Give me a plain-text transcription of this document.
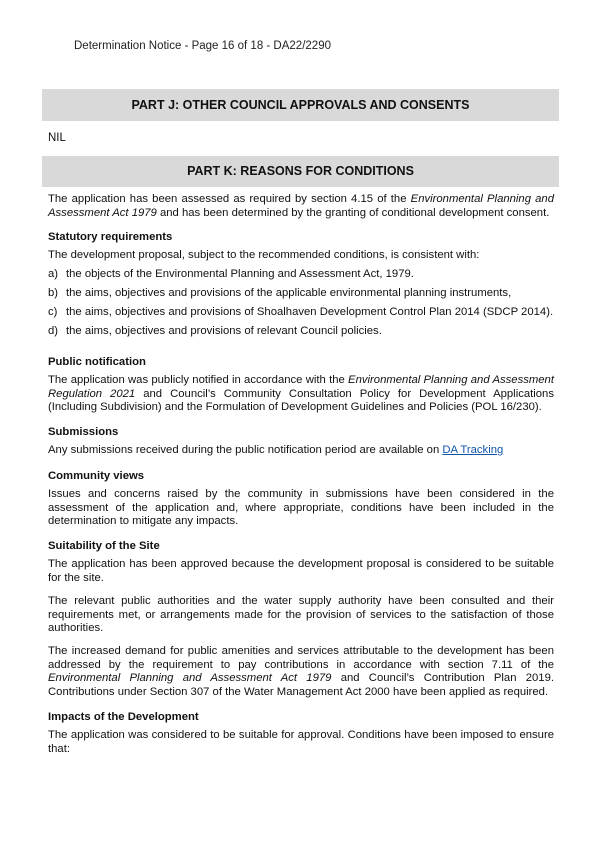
Determination Notice - Page 16 of 18 - DA22/2290
PART J: OTHER COUNCIL APPROVALS AND CONSENTS
NIL
PART K: REASONS FOR CONDITIONS
The application has been assessed as required by section 4.15 of the Environmental Planning and Assessment Act 1979 and has been determined by the granting of conditional development consent.
Statutory requirements
The development proposal, subject to the recommended conditions, is consistent with:
a) the objects of the Environmental Planning and Assessment Act, 1979.
b) the aims, objectives and provisions of the applicable environmental planning instruments,
c) the aims, objectives and provisions of Shoalhaven Development Control Plan 2014 (SDCP 2014).
d) the aims, objectives and provisions of relevant Council policies.
Public notification
The application was publicly notified in accordance with the Environmental Planning and Assessment Regulation 2021 and Council’s Community Consultation Policy for Development Applications (Including Subdivision) and the Formulation of Development Guidelines and Policies (POL 16/230).
Submissions
Any submissions received during the public notification period are available on DA Tracking
Community views
Issues and concerns raised by the community in submissions have been considered in the assessment of the application and, where appropriate, conditions have been included in the determination to mitigate any impacts.
Suitability of the Site
The application has been approved because the development proposal is considered to be suitable for the site.
The relevant public authorities and the water supply authority have been consulted and their requirements met, or arrangements made for the provision of services to the satisfaction of those authorities.
The increased demand for public amenities and services attributable to the development has been addressed by the requirement to pay contributions in accordance with section 7.11 of the Environmental Planning and Assessment Act 1979 and Council’s Contribution Plan 2019. Contributions under Section 307 of the Water Management Act 2000 have been applied as required.
Impacts of the Development
The application was considered to be suitable for approval. Conditions have been imposed to ensure that:
